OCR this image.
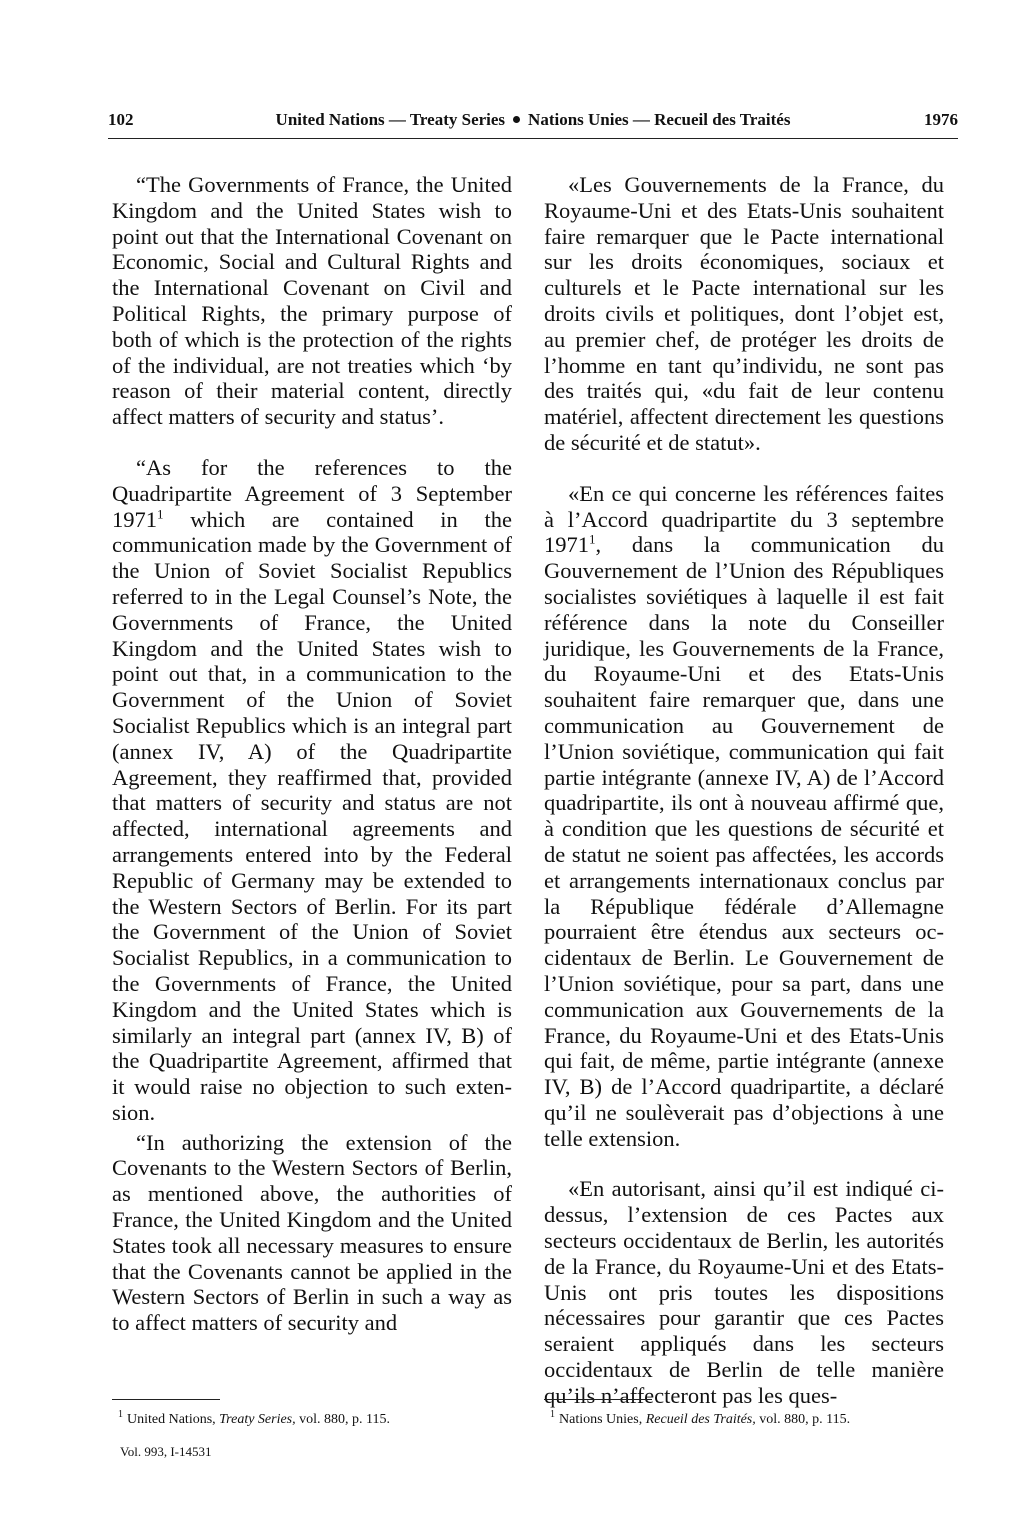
102	United Nations — Treaty Series Nations Unies — Recueil des Traités	1976

“The Governments of France, the United Kingdom and the United States wish to point out that the International Covenant on Economic, Social and Cultural Rights and the International Covenant on Civil and Political Rights, the primary purpose of both of which is the protection of the rights of the individual, are not treaties which ‘by reason of their material content, directly affect matters of security and status’.

“As for the references to the Quadripartite Agreement of 3 September 1971$^1$ which are contained in the communication made by the Government of the Union of Soviet Socialist Republics referred to in the Legal Counsel’s Note, the Governments of France, the United Kingdom and the United States wish to point out that, in a communication to the Government of the Union of Soviet Socialist Republics which is an integral part (annex IV, A) of the Quadripartite Agreement, they reaffirmed that, provided that matters of security and status are not affected, international agreements and arrangements entered into by the Federal Republic of Germany may be extended to the Western Sectors of Berlin. For its part the Government of the Union of Soviet Socialist Republics, in a communication to the Governments of France, the United Kingdom and the United States which is similarly an integral part (annex IV, B) of the Quadripartite Agreement, affirmed that it would raise no objection to such extension.

“In authorizing the extension of the Covenants to the Western Sectors of Berlin, as mentioned above, the authorities of France, the United Kingdom and the United States took all necessary measures to ensure that the Covenants cannot be applied in the Western Sectors of Berlin in such a way as to affect matters of security and

«Les Gouvernements de la France, du Royaume-Uni et des Etats-Unis souhaitent faire remarquer que le Pacte international sur les droits économiques, sociaux et culturels et le Pacte international sur les droits civils et politiques, dont l’objet est, au premier chef, de protéger les droits de l’homme en tant qu’individu, ne sont pas des traités qui, «du fait de leur contenu matériel, affectent directement les questions de sécurité et de statut».

«En ce qui concerne les références faites à l’Accord quadripartite du 3 septembre 1971$^1$, dans la communication du Gouvernement de l’Union des Républiques socialistes soviétiques à laquelle il est fait référence dans la note du Conseiller juridique, les Gouvernements de la France, du Royaume-Uni et des Etats-Unis souhaitent faire remarquer que, dans une communication au Gouvernement de l’Union soviétique, communication qui fait partie intégrante (annexe IV, A) de l’Accord quadripartite, ils ont à nouveau affirmé que, à condition que les questions de sécurité et de statut ne soient pas affectées, les accords et arrangements internationaux conclus par la République fédérale d’Allemagne pourraient être étendus aux secteurs occidentaux de Berlin. Le Gouvernement de l’Union soviétique, pour sa part, dans une communication aux Gouvernements de la France, du Royaume-Uni et des Etats-Unis qui fait, de même, partie intégrante (annexe IV, B) de l’Accord quadripartite, a déclaré qu’il ne soulèverait pas d’objections à une telle extension.

«En autorisant, ainsi qu’il est indiqué ci-dessus, l’extension de ces Pactes aux secteurs occidentaux de Berlin, les autorités de la France, du Royaume-Uni et des Etats-Unis ont pris toutes les dispositions nécessaires pour garantir que ces Pactes seraient appliqués dans les secteurs occidentaux de Berlin de telle manière qu’ils n’affecteront pas les ques-

$^1$ United Nations, Treaty Series, vol. 880, p. 115.	$^1$ Nations Unies, Recueil des Traités, vol. 880, p. 115.
Vol. 993, I-14531
